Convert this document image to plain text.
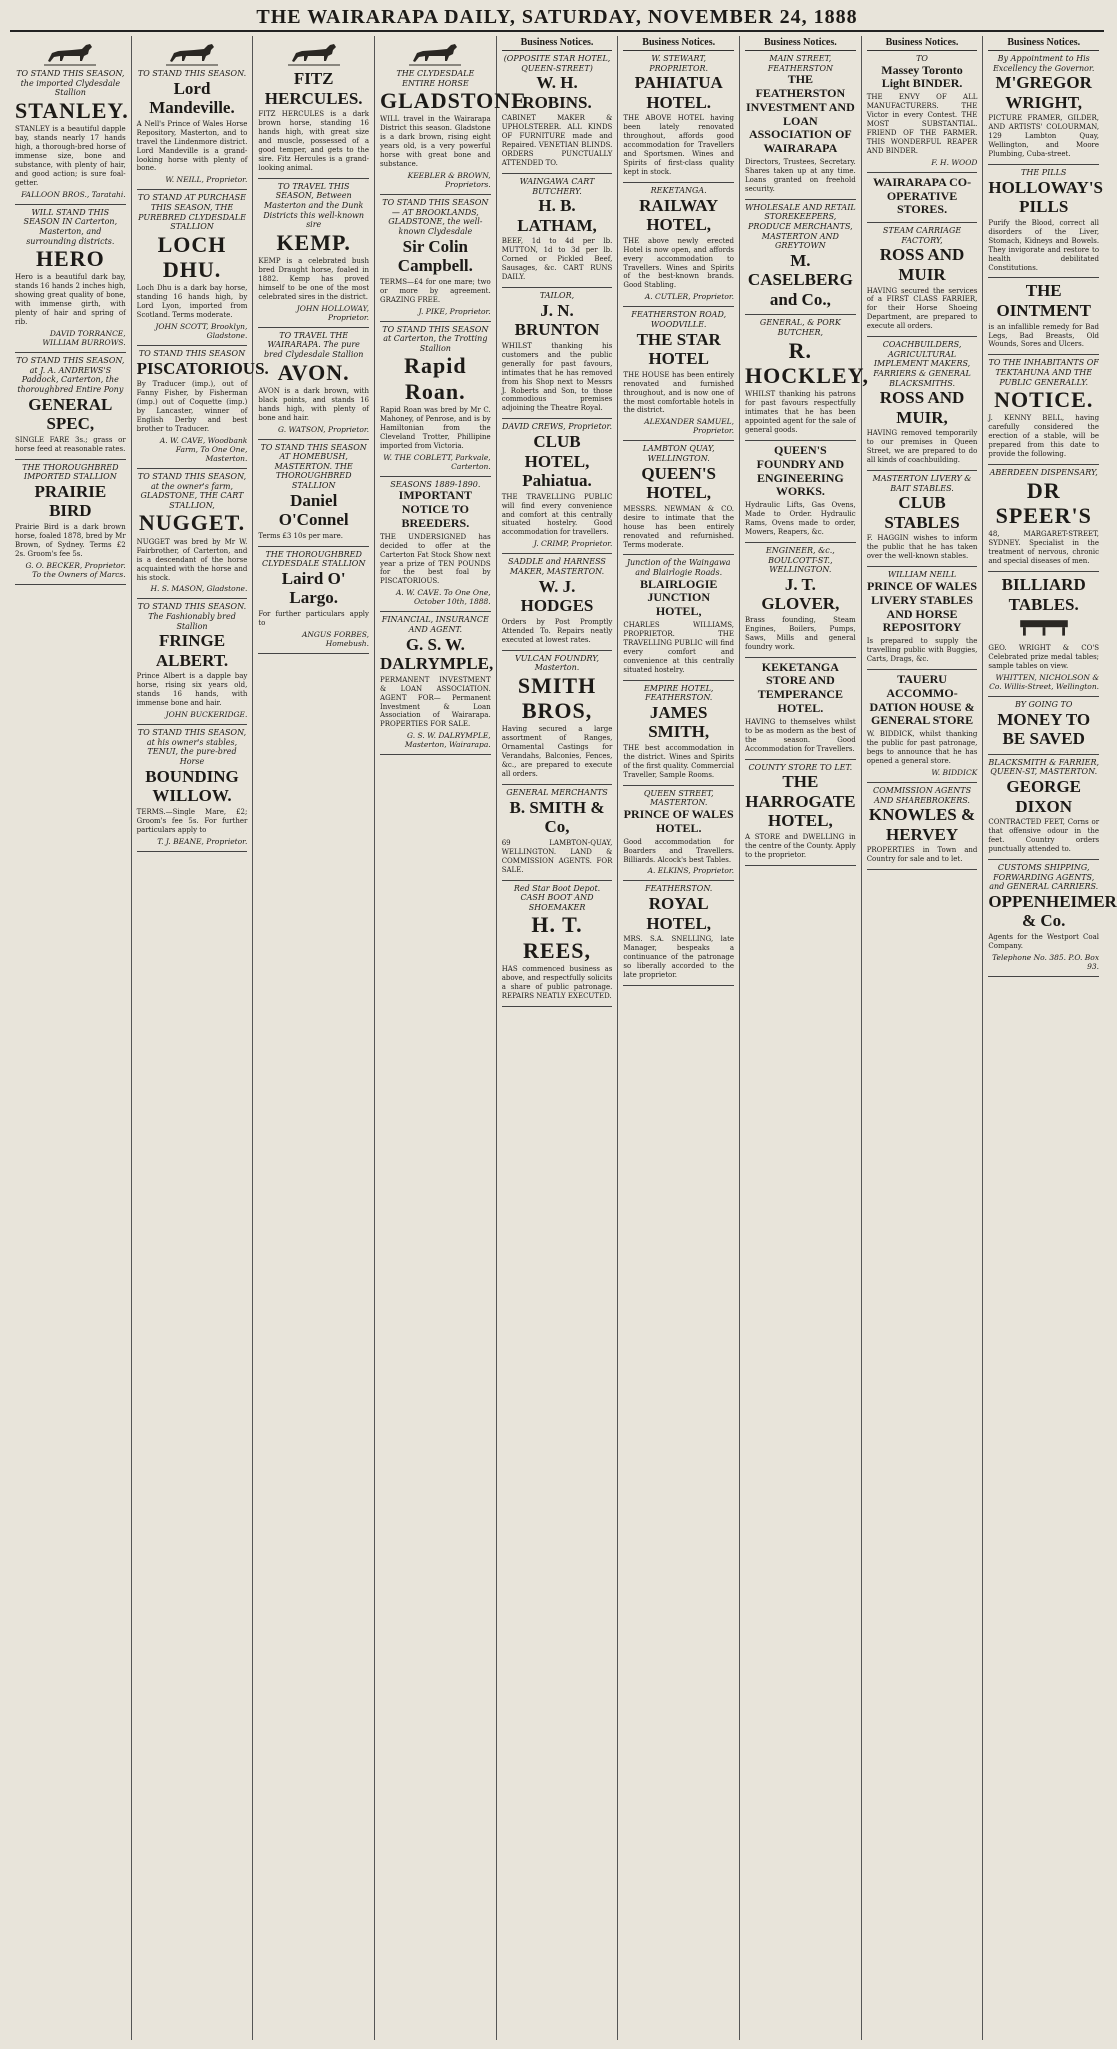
THE WAIRARAPA DAILY, SATURDAY, NOVEMBER 24, 1888
TO STAND THIS SEASON, the imported Clydesdale Stallion
STANLEY.
STANLEY is a beautiful dapple bay, stands nearly 17 hands high, a thorough-bred horse of immense size, bone and substance, with plenty of hair, and good action; is sure foal-getter.
FALLOON BROS., Taratahi.
WILL STAND THIS SEASON IN Carterton, Masterton, and surrounding districts.
HERO
Hero is a beautiful dark bay, stands 16 hands 2 inches high, showing great quality of bone, with immense girth, with plenty of hair and spring of rib.
DAVID TORRANCE, WILLIAM BURROWS.
TO STAND THIS SEASON, at J. A. ANDREWS'S Paddock, Carterton, the thoroughbred Entire Pony
GENERAL SPEC,
SINGLE FARE 3s.; grass or horse feed at reasonable rates.
THE THOROUGHBRED IMPORTED STALLION
PRAIRIE BIRD
Prairie Bird is a dark brown horse, foaled 1878, bred by Mr Brown, of Sydney. Terms £2 2s. Groom's fee 5s.
G. O. BECKER, Proprietor. To the Owners of Marcs.
TO STAND THIS SEASON.
Lord Mandeville.
A Nell's Prince of Wales Horse Repository, Masterton, and to travel the Lindenmore district. Lord Mandeville is a grand-looking horse with plenty of bone.
W. NEILL, Proprietor.
TO STAND AT PURCHASE THIS SEASON, THE PUREBRED CLYDESDALE STALLION
LOCH DHU.
Loch Dhu is a dark bay horse, standing 16 hands high, by Lord Lyon, imported from Scotland. Terms moderate.
JOHN SCOTT, Brooklyn, Gladstone.
TO STAND THIS SEASON
PISCATORIOUS.
By Traducer (imp.), out of Fanny Fisher, by Fisherman (imp.) out of Coquette (imp.) by Lancaster, winner of English Derby and best brother to Traducer.
A. W. CAVE, Woodbank Farm, To One One, Masterton.
TO STAND THIS SEASON, at the owner's farm, GLADSTONE, THE CART STALLION,
NUGGET.
NUGGET was bred by Mr W. Fairbrother, of Carterton, and is a descendant of the horse acquainted with the horse and his stock.
H. S. MASON, Gladstone.
TO STAND THIS SEASON. The Fashionably bred Stallion
FRINGE ALBERT.
Prince Albert is a dapple bay horse, rising six years old, stands 16 hands, with immense bone and hair.
JOHN BUCKERIDGE.
TO STAND THIS SEASON, at his owner's stables, TENUI, the pure-bred Horse
BOUNDING WILLOW.
TERMS.—Single Mare, £2; Groom's fee 5s. For further particulars apply to
T. J. BEANE, Proprietor.
FITZ HERCULES.
FITZ HERCULES is a dark brown horse, standing 16 hands high, with great size and muscle, possessed of a good temper, and gets to the sire. Fitz Hercules is a grand-looking animal.
TO TRAVEL THIS SEASON, Between Masterton and the Dunk Districts this well-known sire
KEMP.
KEMP is a celebrated bush bred Draught horse, foaled in 1882. Kemp has proved himself to be one of the most celebrated sires in the district.
JOHN HOLLOWAY, Proprietor.
TO TRAVEL THE WAIRARAPA. The pure bred Clydesdale Stallion
AVON.
AVON is a dark brown, with black points, and stands 16 hands high, with plenty of bone and hair.
G. WATSON, Proprietor.
TO STAND THIS SEASON AT HOMEBUSH, MASTERTON. THE THOROUGHBRED STALLION
Daniel O'Connel
Terms £3 10s per mare.
THE THOROUGHBRED CLYDESDALE STALLION
Laird O' Largo.
For further particulars apply to
ANGUS FORBES, Homebush.
THE CLYDESDALE ENTIRE HORSE
GLADSTONE
WILL travel in the Wairarapa District this season. Gladstone is a dark brown, rising eight years old, is a very powerful horse with great bone and substance.
KEEBLER & BROWN, Proprietors.
TO STAND THIS SEASON — AT BROOKLANDS, GLADSTONE, the well-known Clydesdale
Sir Colin Campbell.
TERMS—£4 for one mare; two or more by agreement. GRAZING FREE.
J. PIKE, Proprietor.
TO STAND THIS SEASON at Carterton, the Trotting Stallion
Rapid Roan.
Rapid Roan was bred by Mr C. Mahoney, of Penrose, and is by Hamiltonian from the Cleveland Trotter, Phillipine imported from Victoria.
W. THE COBLETT, Parkvale, Carterton.
SEASONS 1889-1890.
IMPORTANT NOTICE TO BREEDERS.
THE UNDERSIGNED has decided to offer at the Carterton Fat Stock Show next year a prize of TEN POUNDS for the best foal by PISCATORIOUS.
A. W. CAVE. To One One, October 10th, 1888.
FINANCIAL, INSURANCE AND AGENT.
G. S. W. DALRYMPLE,
PERMANENT INVESTMENT & LOAN ASSOCIATION. AGENT FOR— Permanent Investment & Loan Association of Wairarapa. PROPERTIES FOR SALE.
G. S. W. DALRYMPLE, Masterton, Wairarapa.
Business Notices.
(OPPOSITE STAR HOTEL, QUEEN-STREET)
W. H. ROBINS.
CABINET MAKER & UPHOLSTERER. ALL KINDS OF FURNITURE made and Repaired. VENETIAN BLINDS. ORDERS PUNCTUALLY ATTENDED TO.
WAINGAWA CART BUTCHERY.
H. B. LATHAM,
BEEF, 1d to 4d per lb. MUTTON, 1d to 3d per lb. Corned or Pickled Beef, Sausages, &c. CART RUNS DAILY.
TAILOR,
J. N. BRUNTON
WHILST thanking his customers and the public generally for past favours, intimates that he has removed from his Shop next to Messrs J. Roberts and Son, to those commodious premises adjoining the Theatre Royal.
DAVID CREWS, Proprietor.
CLUB HOTEL, Pahiatua.
THE TRAVELLING PUBLIC will find every convenience and comfort at this centrally situated hostelry. Good accommodation for travellers.
J. CRIMP, Proprietor.
SADDLE and HARNESS MAKER, MASTERTON.
W. J. HODGES
Orders by Post Promptly Attended To. Repairs neatly executed at lowest rates.
VULCAN FOUNDRY, Masterton.
SMITH BROS,
Having secured a large assortment of Ranges, Ornamental Castings for Verandahs, Balconies, Fences, &c., are prepared to execute all orders.
GENERAL MERCHANTS
B. SMITH & Co,
69 LAMBTON-QUAY, WELLINGTON. LAND & COMMISSION AGENTS. FOR SALE.
Red Star Boot Depot. CASH BOOT AND SHOEMAKER
H. T. REES,
HAS commenced business as above, and respectfully solicits a share of public patronage. REPAIRS NEATLY EXECUTED.
Business Notices.
W. STEWART, PROPRIETOR.
PAHIATUA HOTEL.
THE ABOVE HOTEL having been lately renovated throughout, affords good accommodation for Travellers and Sportsmen. Wines and Spirits of first-class quality kept in stock.
REKETANGA.
RAILWAY HOTEL,
THE above newly erected Hotel is now open, and affords every accommodation to Travellers. Wines and Spirits of the best-known brands. Good Stabling.
A. CUTLER, Proprietor.
FEATHERSTON ROAD, WOODVILLE.
THE STAR HOTEL
THE HOUSE has been entirely renovated and furnished throughout, and is now one of the most comfortable hotels in the district.
ALEXANDER SAMUEL, Proprietor.
LAMBTON QUAY, WELLINGTON.
QUEEN'S HOTEL,
MESSRS. NEWMAN & CO. desire to intimate that the house has been entirely renovated and refurnished. Terms moderate.
Junction of the Waingawa and Blairlogie Roads.
BLAIRLOGIE JUNCTION HOTEL,
CHARLES WILLIAMS, PROPRIETOR. THE TRAVELLING PUBLIC will find every comfort and convenience at this centrally situated hostelry.
EMPIRE HOTEL, FEATHERSTON.
JAMES SMITH,
THE best accommodation in the district. Wines and Spirits of the first quality. Commercial Traveller, Sample Rooms.
QUEEN STREET, MASTERTON.
PRINCE OF WALES HOTEL.
Good accommodation for Boarders and Travellers. Billiards. Alcock's best Tables.
A. ELKINS, Proprietor.
FEATHERSTON.
ROYAL HOTEL,
MRS. S.A. SNELLING, late Manager, bespeaks a continuance of the patronage so liberally accorded to the late proprietor.
Business Notices.
MAIN STREET, FEATHERSTON
THE FEATHERSTON INVESTMENT AND LOAN ASSOCIATION OF WAIRARAPA
Directors, Trustees, Secretary. Shares taken up at any time. Loans granted on freehold security.
WHOLESALE AND RETAIL STOREKEEPERS, PRODUCE MERCHANTS, MASTERTON AND GREYTOWN
M. CASELBERG and Co.,
GENERAL, & PORK BUTCHER,
R. HOCKLEY,
WHILST thanking his patrons for past favours respectfully intimates that he has been appointed agent for the sale of general goods.
QUEEN'S FOUNDRY AND ENGINEERING WORKS.
Hydraulic Lifts, Gas Ovens, Made to Order. Hydraulic Rams, Ovens made to order, Mowers, Reapers, &c.
ENGINEER, &c., BOULCOTT-ST., WELLINGTON.
J. T. GLOVER,
Brass founding, Steam Engines, Boilers, Pumps, Saws, Mills and general foundry work.
KEKETANGA STORE AND TEMPERANCE HOTEL.
HAVING to themselves whilst to be as modern as the best of the season. Good Accommodation for Travellers.
COUNTY STORE TO LET.
THE HARROGATE HOTEL,
A STORE and DWELLING in the centre of the County. Apply to the proprietor.
Business Notices.
TO
Massey Toronto Light BINDER.
THE ENVY OF ALL MANUFACTURERS. THE Victor in every Contest. THE MOST SUBSTANTIAL. FRIEND OF THE FARMER. THIS WONDERFUL REAPER AND BINDER.
F. H. WOOD
WAIRARAPA CO-OPERATIVE STORES.
STEAM CARRIAGE FACTORY,
ROSS AND MUIR
HAVING secured the services of a FIRST CLASS FARRIER, for their Horse Shoeing Department, are prepared to execute all orders.
COACHBUILDERS, AGRICULTURAL IMPLEMENT MAKERS, FARRIERS & GENERAL BLACKSMITHS.
ROSS AND MUIR,
HAVING removed temporarily to our premises in Queen Street, we are prepared to do all kinds of coachbuilding.
MASTERTON LIVERY & BAIT STABLES.
CLUB STABLES
F. HAGGIN wishes to inform the public that he has taken over the well-known stables.
WILLIAM NEILL
PRINCE OF WALES LIVERY STABLES AND HORSE REPOSITORY
Is prepared to supply the travelling public with Buggies, Carts, Drags, &c.
TAUERU ACCOMMO-DATION HOUSE & GENERAL STORE
W. BIDDICK, whilst thanking the public for past patronage, begs to announce that he has opened a general store.
W. BIDDICK
COMMISSION AGENTS AND SHAREBROKERS.
KNOWLES & HERVEY
PROPERTIES in Town and Country for sale and to let.
Business Notices.
By Appointment to His Excellency the Governor.
M'GREGOR WRIGHT,
PICTURE FRAMER, GILDER, AND ARTISTS' COLOURMAN, 129 Lambton Quay, Wellington, and Moore Plumbing, Cuba-street.
THE PILLS
HOLLOWAY'S PILLS
Purify the Blood, correct all disorders of the Liver, Stomach, Kidneys and Bowels. They invigorate and restore to health debilitated Constitutions.
THE OINTMENT
is an infallible remedy for Bad Legs, Bad Breasts, Old Wounds, Sores and Ulcers.
TO THE INHABITANTS OF TEKTAHUNA AND THE PUBLIC GENERALLY.
NOTICE.
J. KENNY BELL, having carefully considered the erection of a stable, will be prepared from this date to provide the following.
ABERDEEN DISPENSARY,
DR SPEER'S
48, MARGARET-STREET, SYDNEY. Specialist in the treatment of nervous, chronic and special diseases of men.
BILLIARD TABLES.
GEO. WRIGHT & CO'S Celebrated prize medal tables; sample tables on view.
WHITTEN, NICHOLSON & Co. Willis-Street, Wellington.
BY GOING TO
MONEY TO BE SAVED
BLACKSMITH & FARRIER, QUEEN-ST, MASTERTON.
GEORGE DIXON
CONTRACTED FEET, Corns or that offensive odour in the feet. Country orders punctually attended to.
CUSTOMS SHIPPING, FORWARDING AGENTS, and GENERAL CARRIERS.
OPPENHEIMER & Co.
Agents for the Westport Coal Company.
Telephone No. 385. P.O. Box 93.
